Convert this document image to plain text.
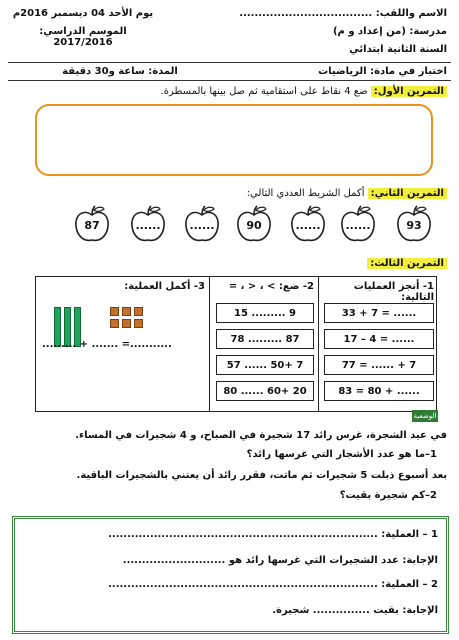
يوم الأحد 04 ديسمبر 2016م	الاسم واللقب: ...................................
الموسم الدراسي: 2017/2016
مدرسة: (من إعداد و م)
السنة الثانية ابتدائي
اختبار في مادة: الرياضيات
المدة: ساعة و30 دقيقة
التمرين الأول: ضع 4 نقاط على استقامية ثم صل بينها بالمسطرة.
التمرين الثاني: أكمل الشريط العددي التالي:
93
......
......
90
......
......
87
التمرين الثالث:
1- أنجز العمليات التالية:
33 + 7 = ......
17 – 4 = ......
77 = ...... + 7
83 = 80 + ......
2- ضع: > ، < ، =
15 ......... 9
78 ......... 87
57 ...... 50+ 7
80 ...... 60+ 20
3- أكمل العملية:
......... + ....... =...........
الوضعية
في عيد الشجرة، غرس رائد 17 شجيرة في الصباح، و 4 شجيرات في المساء.
1–ما هو عدد الأشجار التي غرسها رائد؟
بعد أسبوع ذبلت 5 شجيرات ثم ماتت، فقرر رائد أن يعتني بالشجيرات الباقية.
2–كم شجيرة بقيت؟
1 – العملية: .......................................................................
الإجابة: عدد الشجيرات التي غرسها رائد هو ...........................
2 – العملية: .......................................................................
الإجابة: بقيت ............... شجيرة.
